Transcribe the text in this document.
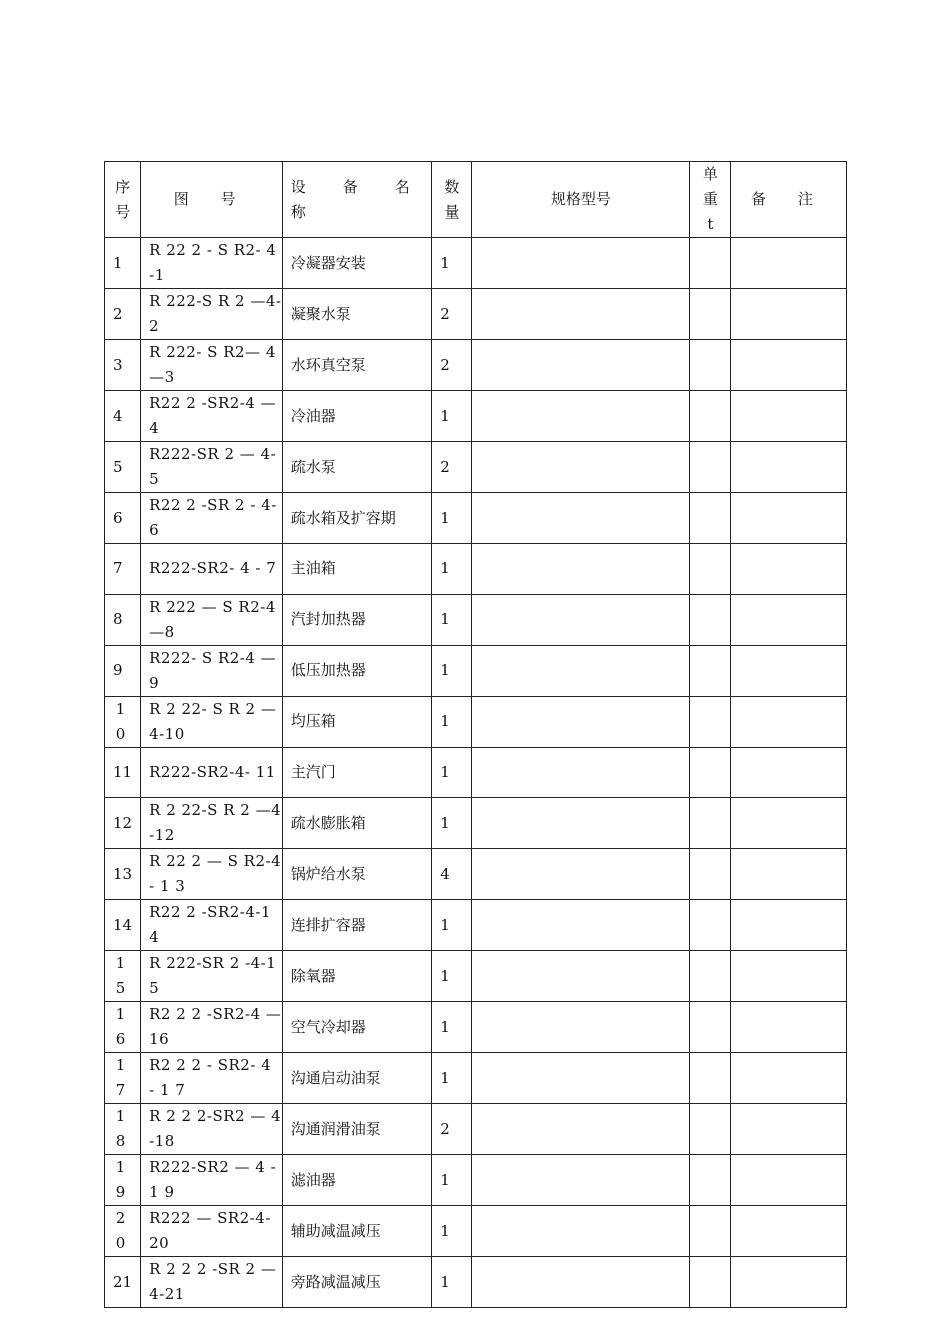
序号	图 号	设 备 名 称	数量	规格型号	单重t	备 注
1	R 22 2 - S R2- 4 -1	冷凝器安装	1			
2	R 222-S R 2 —4-2	凝聚水泵	2			
3	R 222- S R2— 4 —3	水环真空泵	2			
4	R22 2 -SR2-4 —4	冷油器	1			
5	R222-SR 2 — 4-5	疏水泵	2			
6	R22 2 -SR 2 - 4-6	疏水箱及扩容期	1			
7	R222-SR2- 4 - 7	主油箱	1			
8	R 222 — S R2-4—8	汽封加热器	1			
9	R222- S R2-4 —9	低压加热器	1			
10	R 2 22- S R 2 —4-10	均压箱	1			
11	R222-SR2-4- 11	主汽门	1			
12	R 2 22-S R 2 —4-12	疏水膨胀箱	1			
13	R 22 2 — S R2-4- 1 3	锅炉给水泵	4			
14	R22 2 -SR2-4-1 4	连排扩容器	1			
15	R 222-SR 2 -4-15	除氧器	1			
16	R2 2 2 -SR2-4 —16	空气冷却器	1			
17	R2 2 2 - SR2- 4 - 1 7	沟通启动油泵	1			
18	R 2 2 2-SR2 — 4 -18	沟通润滑油泵	2			
19	R222-SR2 — 4 - 1 9	滤油器	1			
20	R222 — SR2-4- 20	辅助减温减压	1			
21	R 2 2 2 -SR 2 —4-21	旁路减温减压	1			
